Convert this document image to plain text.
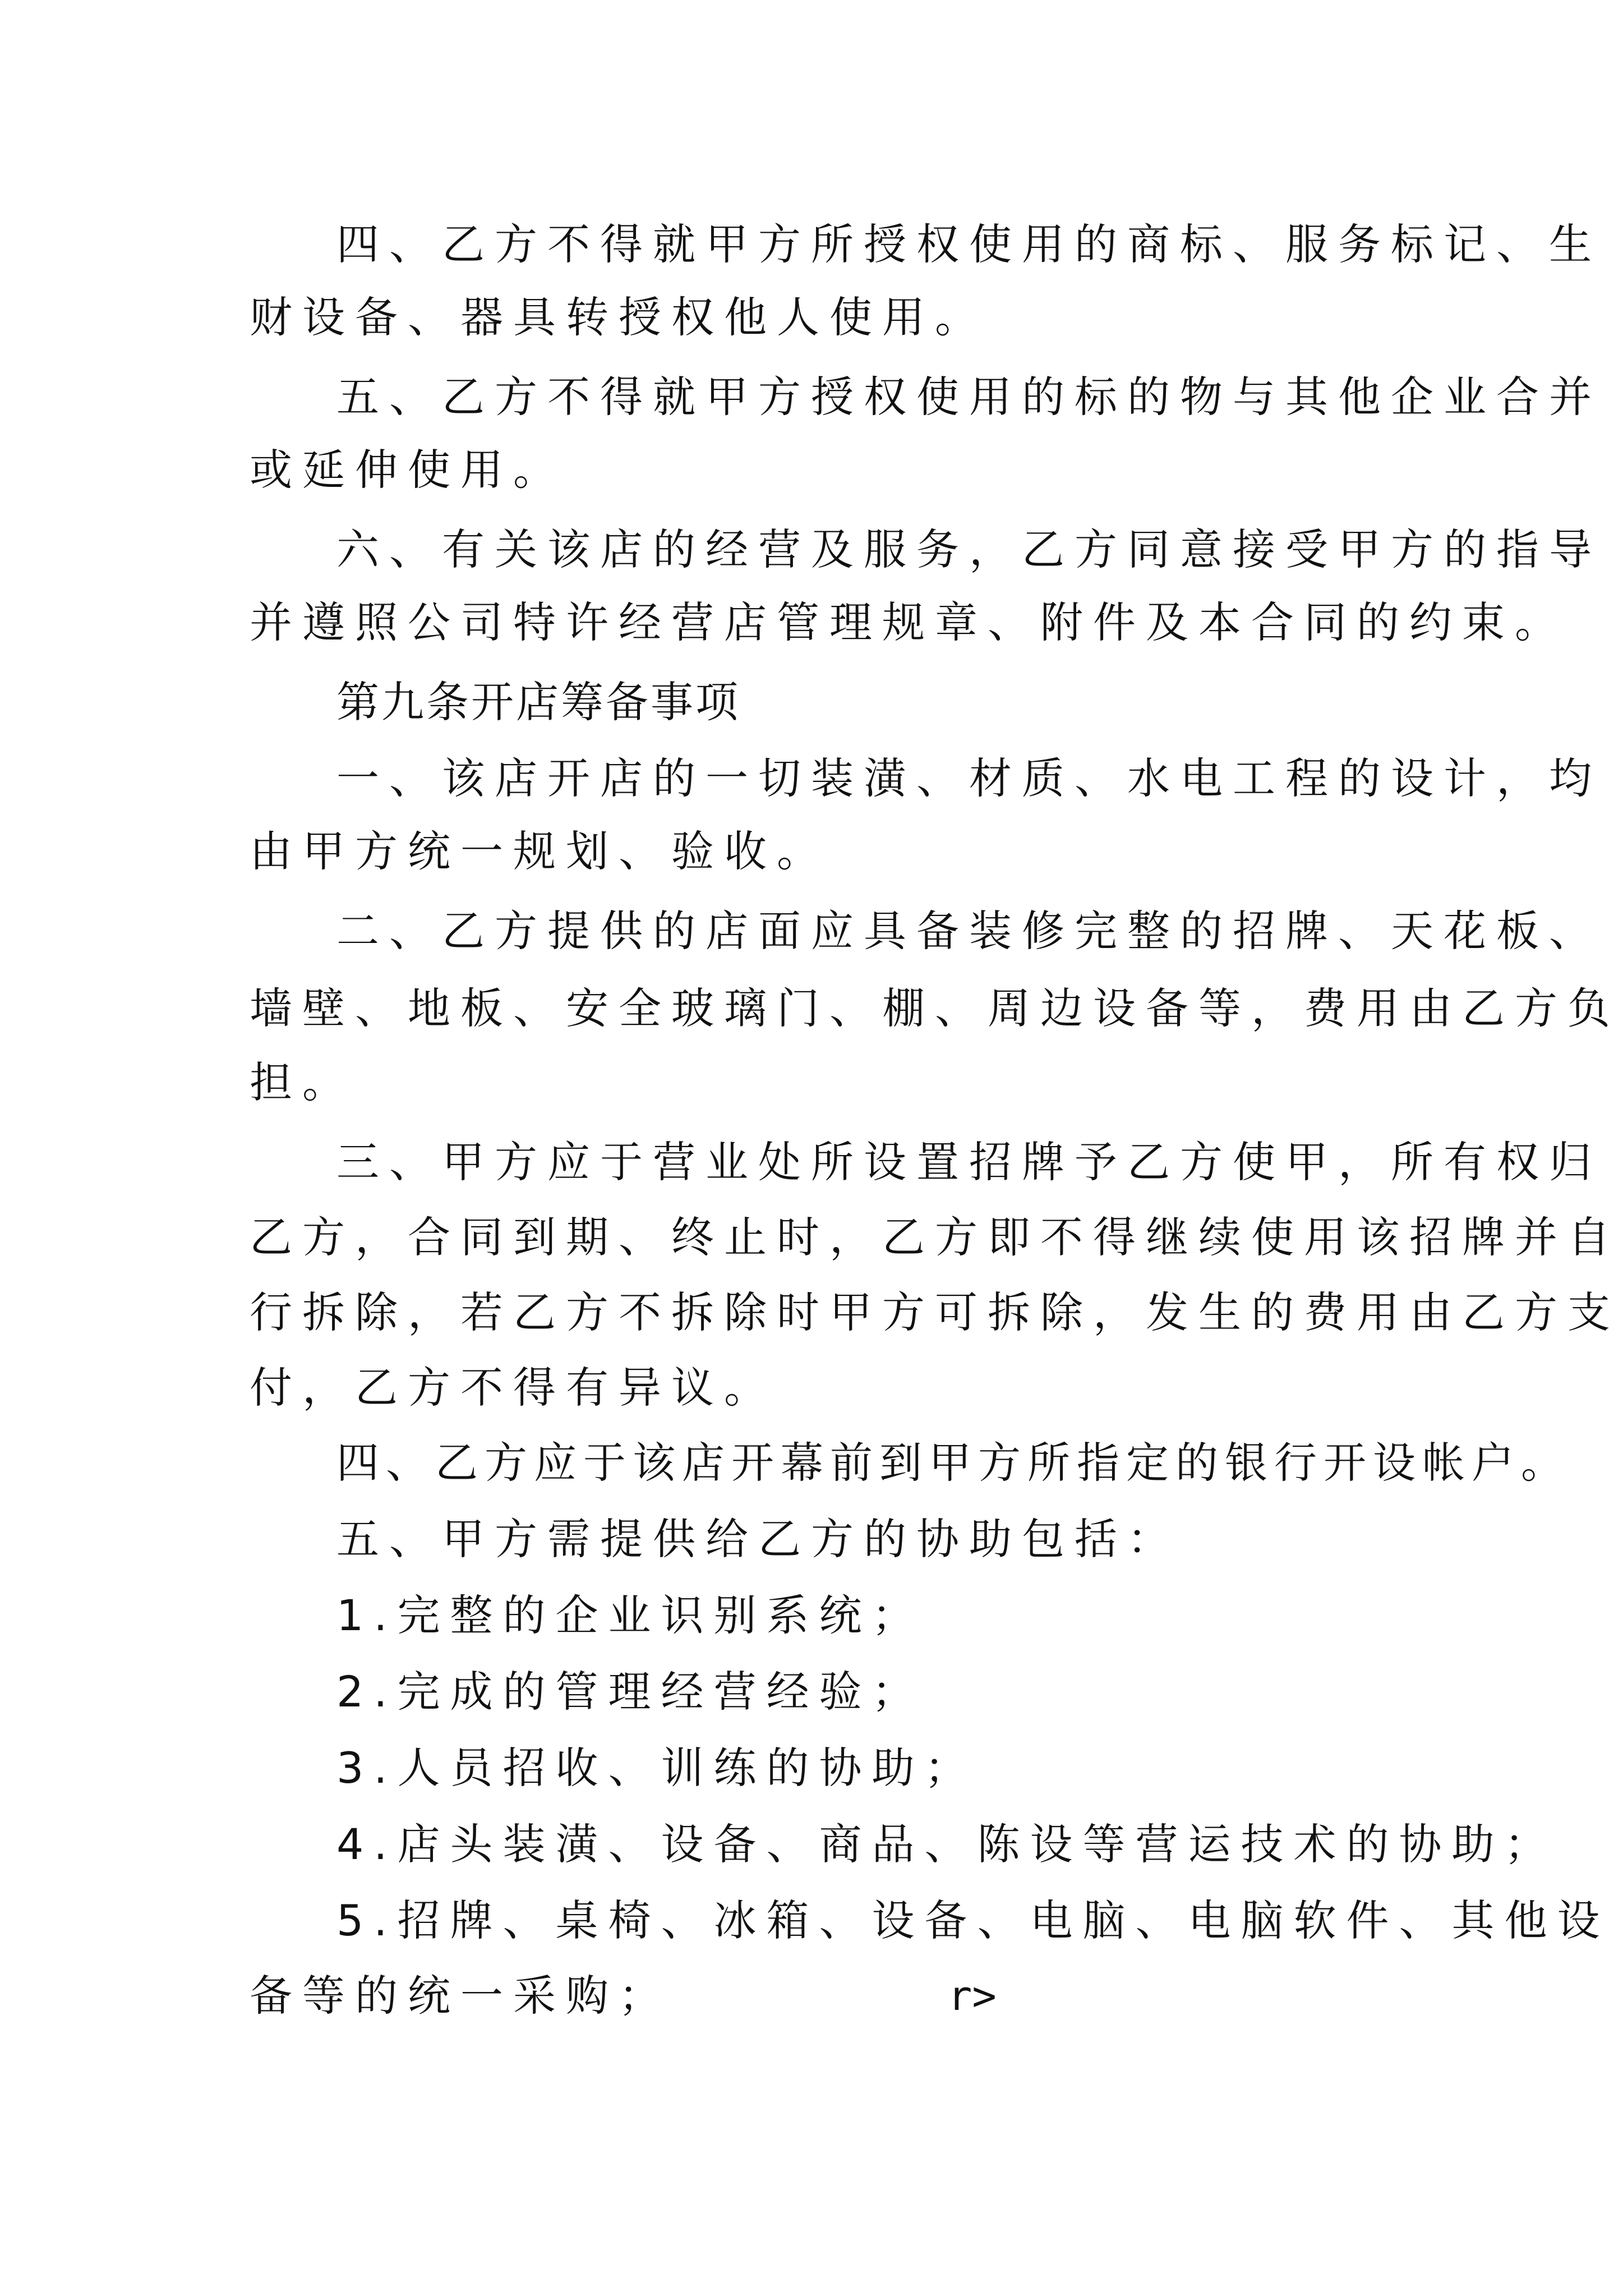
四、乙方不得就甲方所授权使用的商标、服务标记、生
财设备、器具转授权他人使用。
五、乙方不得就甲方授权使用的标的物与其他企业合并
或延伸使用。
六、有关该店的经营及服务，乙方同意接受甲方的指导
并遵照公司特许经营店管理规章、附件及本合同的约束。
第九条开店筹备事项
一、该店开店的一切装潢、材质、水电工程的设计，均
由甲方统一规划、验收。
二、乙方提供的店面应具备装修完整的招牌、天花板、
墙壁、地板、安全玻璃门、棚、周边设备等，费用由乙方负
担。
三、甲方应于营业处所设置招牌予乙方使甲，所有权归
乙方，合同到期、终止时，乙方即不得继续使用该招牌并自
行拆除，若乙方不拆除时甲方可拆除，发生的费用由乙方支
付，乙方不得有异议。
四、乙方应于该店开幕前到甲方所指定的银行开设帐户。
五、甲方需提供给乙方的协助包括：
1.完整的企业识别系统；
2.完成的管理经营经验；
3.人员招收、训练的协助；
4.店头装潢、设备、商品、陈设等营运技术的协助；
5.招牌、桌椅、冰箱、设备、电脑、电脑软件、其他设
备等的统一采购；	r>
